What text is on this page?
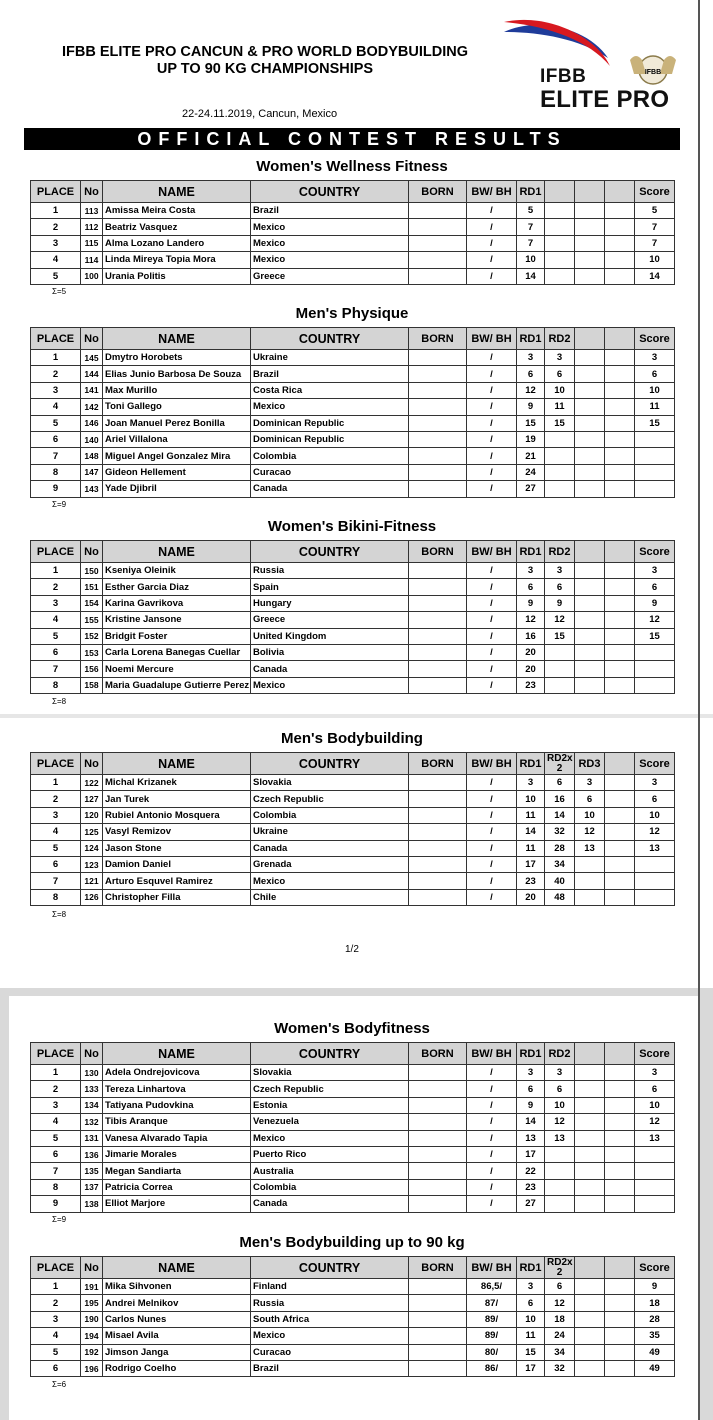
IFBB ELITE PRO CANCUN & PRO WORLD BODYBUILDING
UP TO 90 KG CHAMPIONSHIPS	IFBB
IFBB
ELITE PRO
22-24.11.2019, Cancun, Mexico
OFFICIAL CONTEST RESULTS
Women's Wellness Fitness
PLACE	No	NAME	COUNTRY	BORN	BW/ BH	RD1				Score
1	113	Amissa Meira Costa	Brazil		/	5				5
2	112	Beatriz Vasquez	Mexico		/	7				7
3	115	Alma Lozano Landero	Mexico		/	7				7
4	114	Linda Mireya Topia Mora	Mexico		/	10				10
5	100	Urania Politis	Greece		/	14				14
Σ=5
Men's Physique
PLACE	No	NAME	COUNTRY	BORN	BW/ BH	RD1	RD2			Score
1	145	Dmytro Horobets	Ukraine		/	3	3			3
2	144	Elias Junio Barbosa De Souza	Brazil		/	6	6			6
3	141	Max Murillo	Costa Rica		/	12	10			10
4	142	Toni Gallego	Mexico		/	9	11			11
5	146	Joan Manuel Perez Bonilla	Dominican Republic		/	15	15			15
6	140	Ariel Villalona	Dominican Republic		/	19				
7	148	Miguel Angel Gonzalez Mira	Colombia		/	21				
8	147	Gideon Hellement	Curacao		/	24				
9	143	Yade Djibril	Canada		/	27				
Σ=9
Women's Bikini-Fitness
PLACE	No	NAME	COUNTRY	BORN	BW/ BH	RD1	RD2			Score
1	150	Kseniya Oleinik	Russia		/	3	3			3
2	151	Esther Garcia Diaz	Spain		/	6	6			6
3	154	Karina Gavrikova	Hungary		/	9	9			9
4	155	Kristine Jansone	Greece		/	12	12			12
5	152	Bridgit Foster	United Kingdom		/	16	15			15
6	153	Carla Lorena Banegas Cuellar	Bolivia		/	20				
7	156	Noemi Mercure	Canada		/	20				
8	158	Maria Guadalupe Gutierre Perez	Mexico		/	23				
Σ=8
Men's Bodybuilding
PLACE	No	NAME	COUNTRY	BORN	BW/ BH	RD1	RD2x 2	RD3		Score
1	122	Michal Krizanek	Slovakia		/	3	6	3		3
2	127	Jan Turek	Czech Republic		/	10	16	6		6
3	120	Rubiel Antonio Mosquera	Colombia		/	11	14	10		10
4	125	Vasyl Remizov	Ukraine		/	14	32	12		12
5	124	Jason Stone	Canada		/	11	28	13		13
6	123	Damion Daniel	Grenada		/	17	34			
7	121	Arturo Esquvel Ramirez	Mexico		/	23	40			
8	126	Christopher Filla	Chile		/	20	48			
Σ=8
1/2
Women's Bodyfitness
PLACE	No	NAME	COUNTRY	BORN	BW/ BH	RD1	RD2			Score
1	130	Adela Ondrejovicova	Slovakia		/	3	3			3
2	133	Tereza Linhartova	Czech Republic		/	6	6			6
3	134	Tatiyana Pudovkina	Estonia		/	9	10			10
4	132	Tibis Aranque	Venezuela		/	14	12			12
5	131	Vanesa Alvarado Tapia	Mexico		/	13	13			13
6	136	Jimarie Morales	Puerto Rico		/	17				
7	135	Megan Sandiarta	Australia		/	22				
8	137	Patricia Correa	Colombia		/	23				
9	138	Elliot Marjore	Canada		/	27				
Σ=9
Men's Bodybuilding up to 90 kg
PLACE	No	NAME	COUNTRY	BORN	BW/ BH	RD1	RD2x 2			Score
1	191	Mika Sihvonen	Finland		86,5/	3	6			9
2	195	Andrei Melnikov	Russia		87/	6	12			18
3	190	Carlos Nunes	South Africa		89/	10	18			28
4	194	Misael Avila	Mexico		89/	11	24			35
5	192	Jimson Janga	Curacao		80/	15	34			49
6	196	Rodrigo Coelho	Brazil		86/	17	32			49
Σ=6
